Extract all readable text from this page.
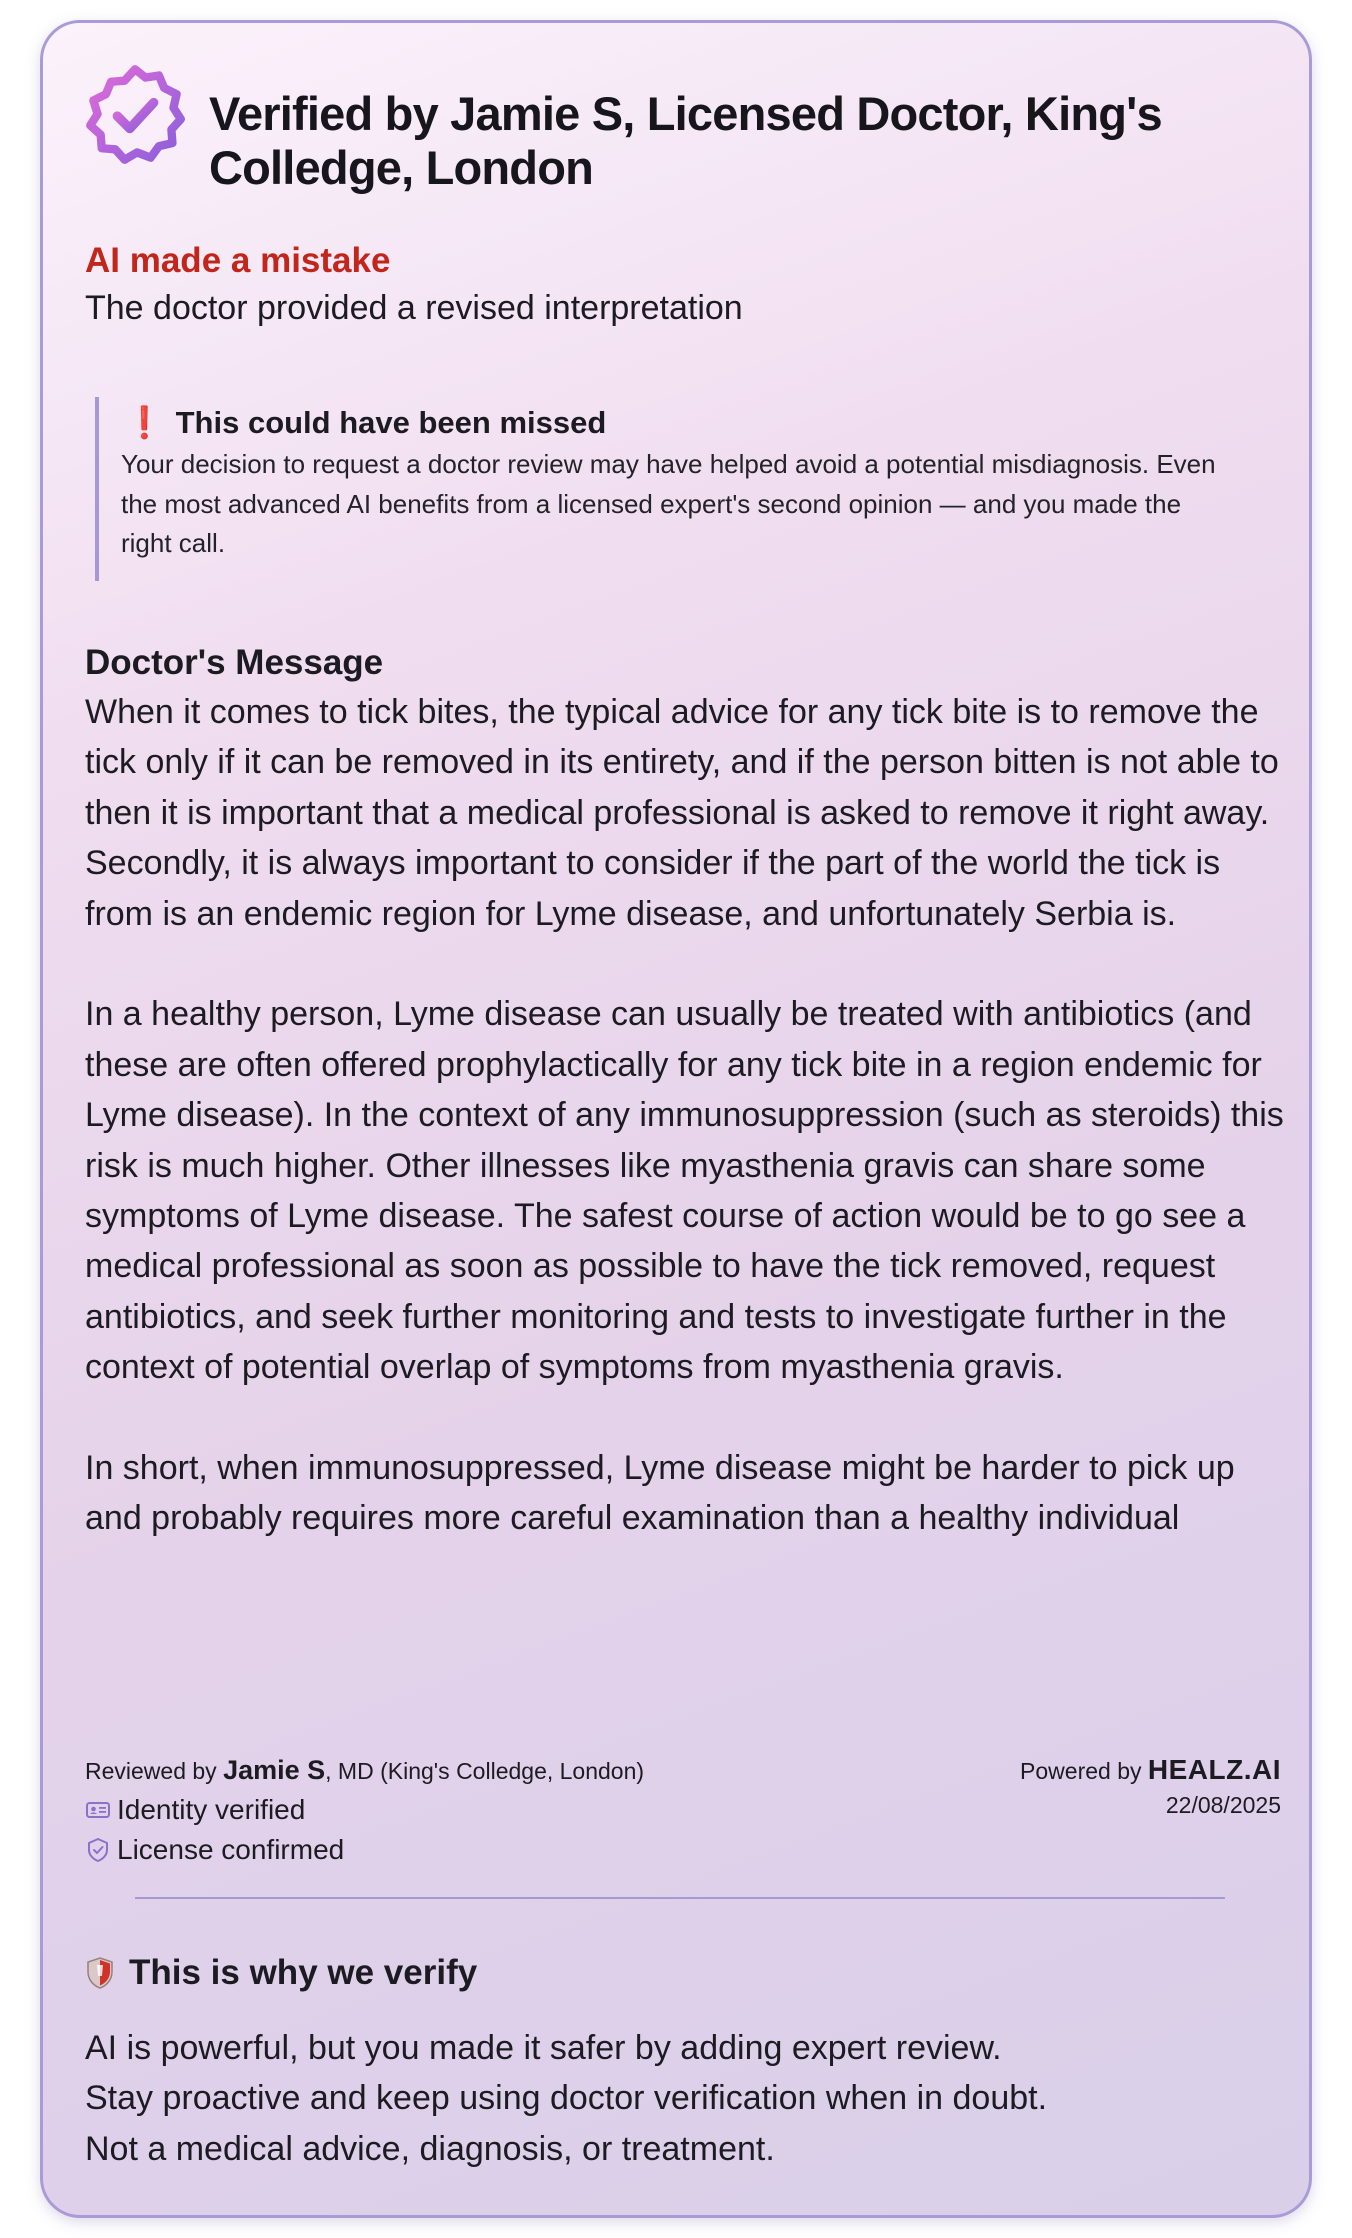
Verified by Jamie S, Licensed Doctor, King's Colledge, London
AI made a mistake
The doctor provided a revised interpretation
❗ This could have been missed
Your decision to request a doctor review may have helped avoid a potential misdiagnosis. Even the most advanced AI benefits from a licensed expert's second opinion — and you made the right call.
Doctor's Message

When it comes to tick bites, the typical advice for any tick bite is to remove the tick only if it can be removed in its entirety, and if the person bitten is not able to then it is important that a medical professional is asked to remove it right away. Secondly, it is always important to consider if the part of the world the tick is from is an endemic region for Lyme disease, and unfortunately Serbia is.

In a healthy person, Lyme disease can usually be treated with antibiotics (and these are often offered prophylactically for any tick bite in a region endemic for Lyme disease). In the context of any immunosuppression (such as steroids) this risk is much higher. Other illnesses like myasthenia gravis can share some symptoms of Lyme disease. The safest course of action would be to go see a medical professional as soon as possible to have the tick removed, request antibiotics, and seek further monitoring and tests to investigate further in the context of potential overlap of symptoms from myasthenia gravis.

In short, when immunosuppressed, Lyme disease might be harder to pick up and probably requires more careful examination than a healthy individual

Reviewed by Jamie S, MD (King's Colledge, London)
Identity verified
License confirmed
Powered by HEALZ.AI
22/08/2025
This is why we verify
AI is powerful, but you made it safer by adding expert review.
Stay proactive and keep using doctor verification when in doubt.
Not a medical advice, diagnosis, or treatment.
